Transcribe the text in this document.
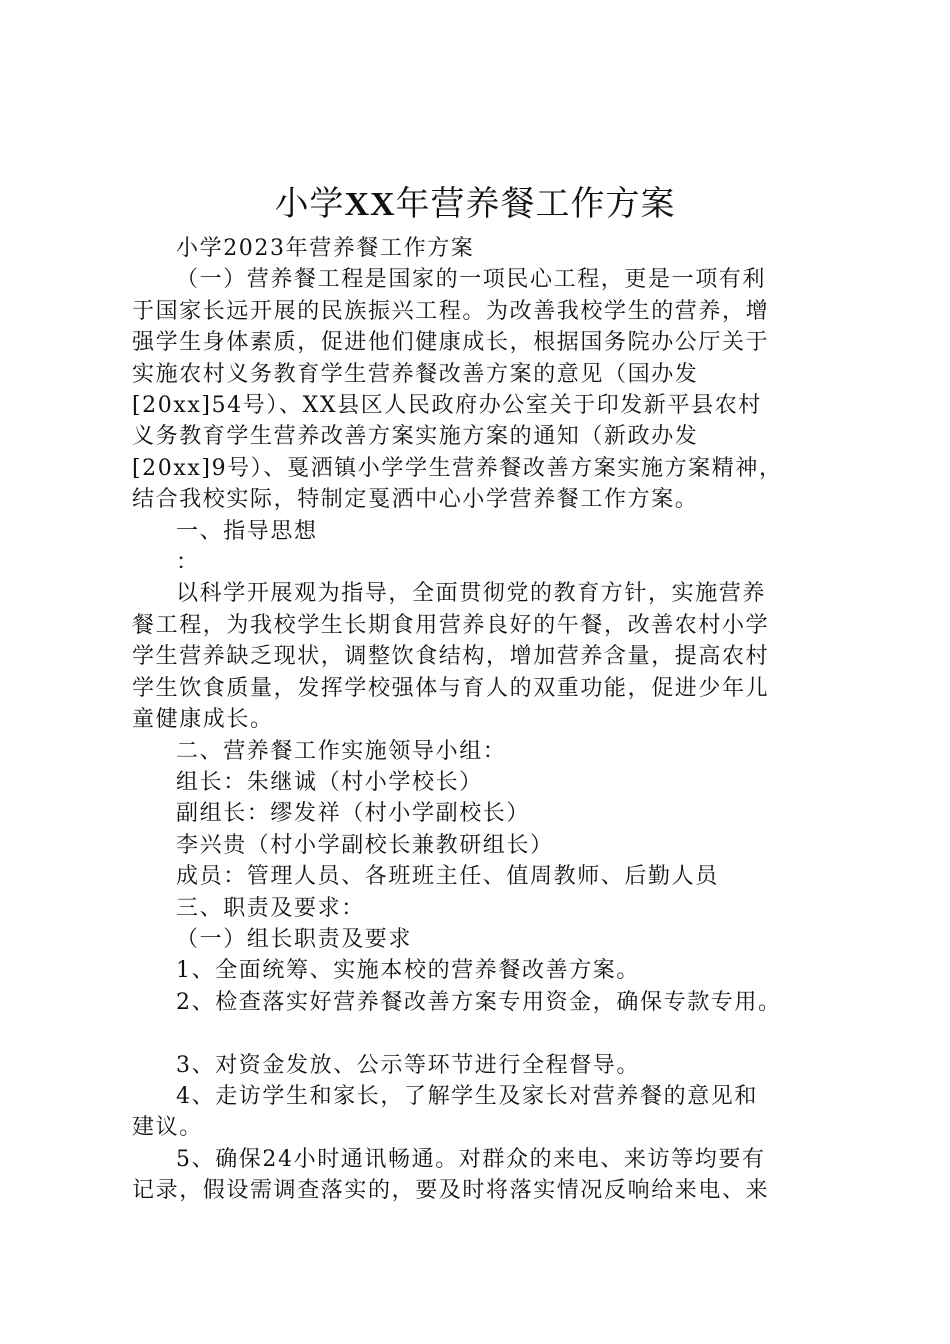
小学XX年营养餐工作方案

小学2023年营养餐工作方案

（一）营养餐工程是国家的一项民心工程，更是一项有利

于国家长远开展的民族振兴工程。为改善我校学生的营养，增

强学生身体素质，促进他们健康成长，根据国务院办公厅关于

实施农村义务教育学生营养餐改善方案的意见（国办发

[20xx]54号）、XX县区人民政府办公室关于印发新平县农村

义务教育学生营养改善方案实施方案的通知（新政办发

[20xx]9号）、戛洒镇小学学生营养餐改善方案实施方案精神，

结合我校实际，特制定戛洒中心小学营养餐工作方案。

一、指导思想

：

以科学开展观为指导，全面贯彻党的教育方针，实施营养

餐工程，为我校学生长期食用营养良好的午餐，改善农村小学

学生营养缺乏现状，调整饮食结构，增加营养含量，提高农村

学生饮食质量，发挥学校强体与育人的双重功能，促进少年儿

童健康成长。

二、营养餐工作实施领导小组：

组长：朱继诚（村小学校长）

副组长：缪发祥（村小学副校长）

李兴贵（村小学副校长兼教研组长）

成员：管理人员、各班班主任、值周教师、后勤人员

三、职责及要求：

（一）组长职责及要求

1、全面统筹、实施本校的营养餐改善方案。

2、检查落实好营养餐改善方案专用资金，确保专款专用。

3、对资金发放、公示等环节进行全程督导。

4、走访学生和家长，了解学生及家长对营养餐的意见和

建议。

5、确保24小时通讯畅通。对群众的来电、来访等均要有

记录，假设需调查落实的，要及时将落实情况反响给来电、来
